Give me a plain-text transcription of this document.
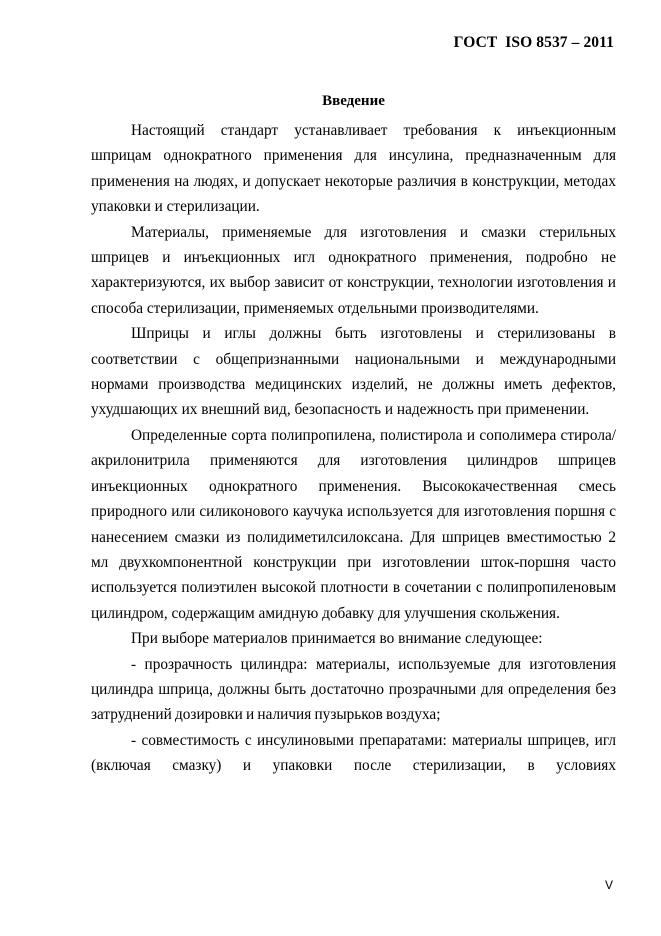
ГОСТ  ISO 8537 – 2011
Введение

Настоящий стандарт устанавливает требования к инъекционным шприцам однократного применения для инсулина, предназначенным для применения на людях, и допускает некоторые различия в конструкции, методах упаковки и стерилизации.

Материалы, применяемые для изготовления и смазки стерильных шприцев и инъекционных игл однократного применения, подробно не характеризуются, их выбор зависит от конструкции, технологии изготовления и способа стерилизации, применяемых отдельными производителями.

Шприцы и иглы должны быть изготовлены и стерилизованы в соответствии с общепризнанными национальными и международными нормами производства медицинских изделий, не должны иметь дефектов, ухудшающих их внешний вид, безопасность и надежность при применении.

Определенные сорта полипропилена, полистирола и сополимера стирола/акрилонитрила применяются для изготовления цилиндров шприцев инъекционных однократного применения. Высококачественная смесь природного или силиконового каучука используется для изготовления поршня с нанесением смазки из полидиметилсилоксана. Для шприцев вместимостью 2 мл двухкомпонентной конструкции при изготовлении шток-поршня часто используется полиэтилен высокой плотности в сочетании с полипропиленовым цилиндром, содержащим амидную добавку для улучшения скольжения.

При выборе материалов принимается во внимание следующее:

- прозрачность цилиндра: материалы, используемые для изготовления цилиндра шприца, должны быть достаточно прозрачными для определения без затруднений дозировки и наличия пузырьков воздуха;

- совместимость с инсулиновыми препаратами: материалы шприцев, игл (включая смазку) и упаковки после стерилизации, в условиях

V
